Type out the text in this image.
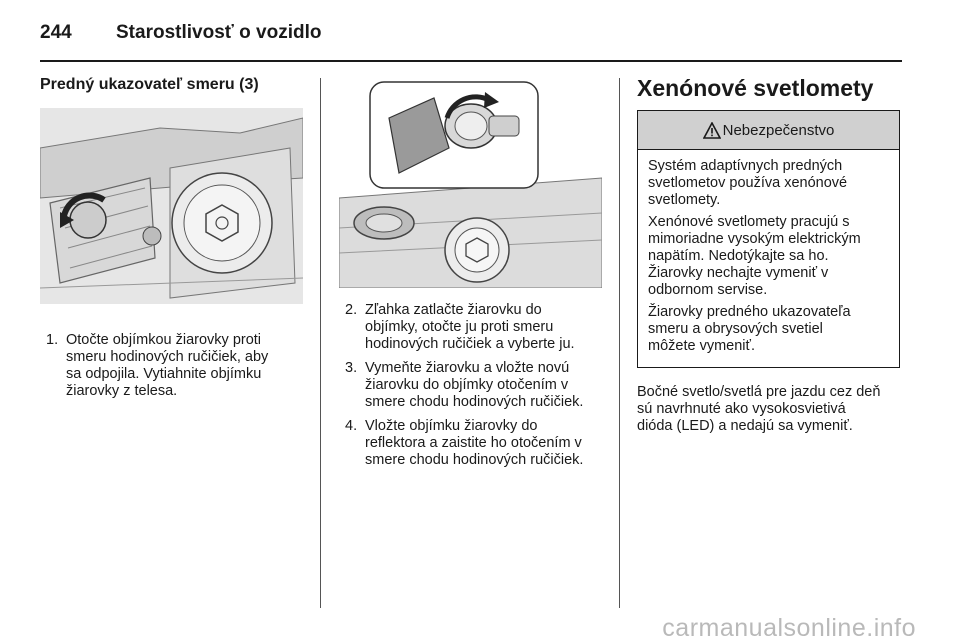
244	Starostlivosť o vozidlo
Predný ukazovateľ smeru (3)
1. Otočte objímkou žiarovky proti
smeru hodinových ručičiek, aby
sa odpojila. Vytiahnite objímku
žiarovky z telesa.
2. Zľahka zatlačte žiarovku do
objímky, otočte ju proti smeru
hodinových ručičiek a vyberte ju.
3. Vymeňte žiarovku a vložte novú
žiarovku do objímky otočením v
smere chodu hodinových ručičiek.
4. Vložte objímku žiarovky do
reflektora a zaistite ho otočením v
smere chodu hodinových ručičiek.
Xenónové svetlomety
Nebezpečenstvo

Systém adaptívnych predných
svetlometov používa xenónové
svetlomety.

Xenónové svetlomety pracujú s
mimoriadne vysokým elektrickým
napätím. Nedotýkajte sa ho.
Žiarovky nechajte vymeniť v
odbornom servise.

Žiarovky predného ukazovateľa
smeru a obrysových svetiel
môžete vymeniť.

Bočné svetlo/svetlá pre jazdu cez deň
sú navrhnuté ako vysokosvietivá
dióda (LED) a nedajú sa vymeniť.
carmanualsonline.info
